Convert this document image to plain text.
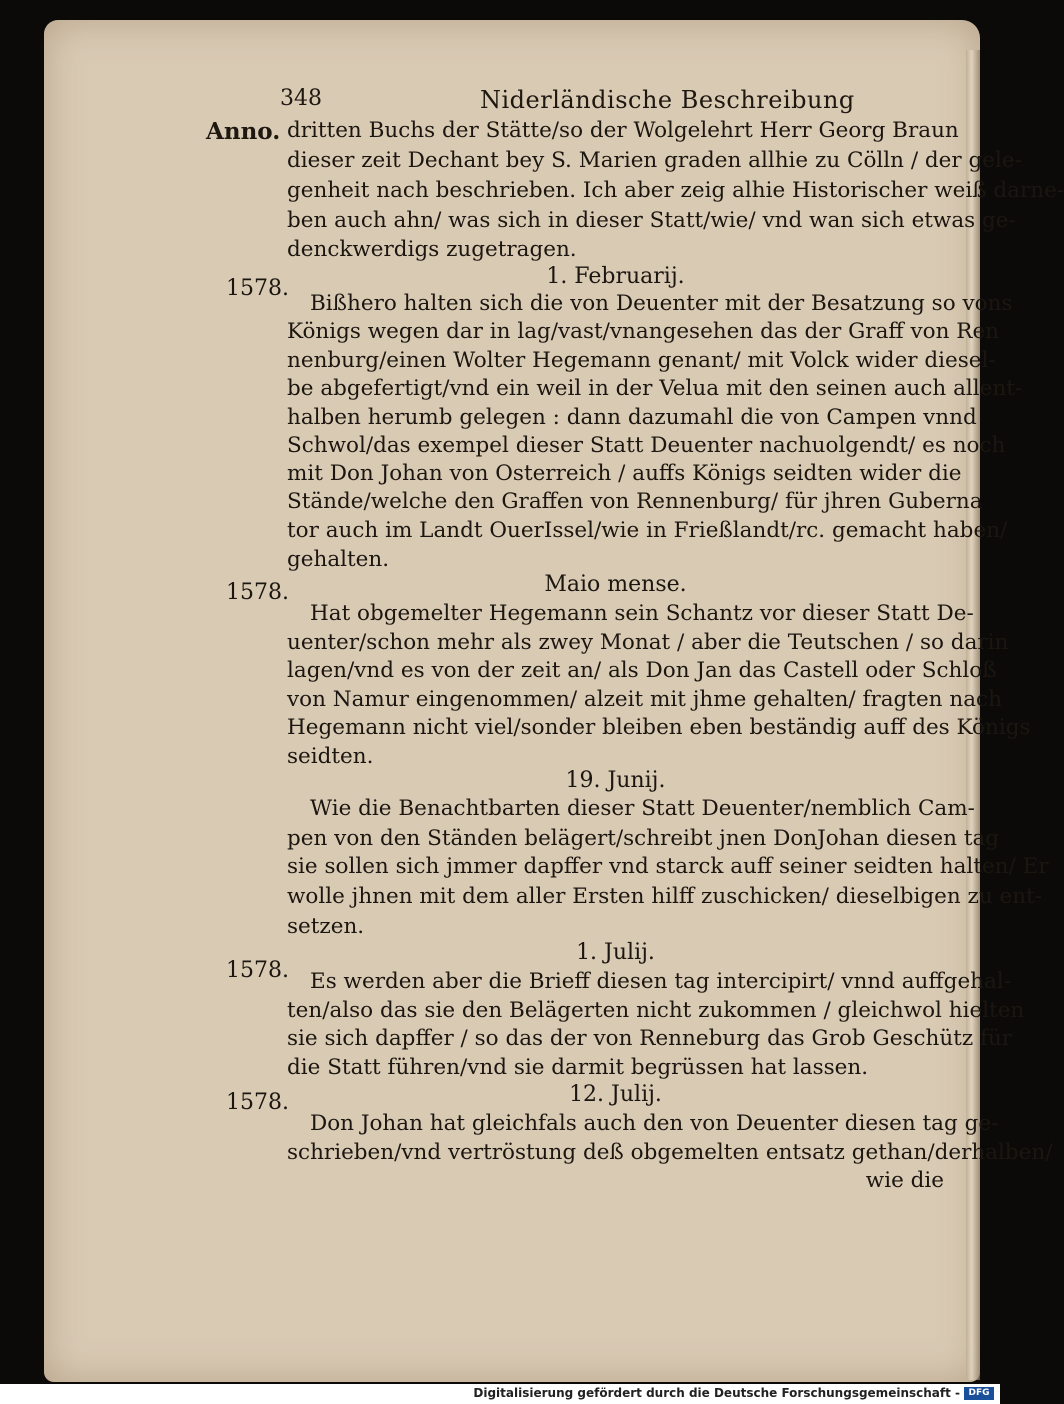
348	Niderländische Beschreibung
Anno. dritten Buchs der Stätte/so der Wolgelehrt Herr Georg Braun
dieser zeit Dechant bey S. Marien graden allhie zu Cölln / der gele-
genheit nach beschrieben. Ich aber zeig alhie Historischer weiß darne-
ben auch ahn/ was sich in dieser Statt/wie/ vnd wan sich etwas ge-
denckwerdigs zugetragen.
1578.	1. Februarij.
Bißhero halten sich die von Deuenter mit der Besatzung so vons
Königs wegen dar in lag/vast/vnangesehen das der Graff von Ren
nenburg/einen Wolter Hegemann genant/ mit Volck wider diesel-
be abgefertigt/vnd ein weil in der Velua mit den seinen auch allent-
halben herumb gelegen : dann dazumahl die von Campen vnnd
Schwol/das exempel dieser Statt Deuenter nachuolgendt/ es noch
mit Don Johan von Osterreich / auffs Königs seidten wider die
Stände/welche den Graffen von Rennenburg/ für jhren Guberna
tor auch im Landt OuerIssel/wie in Frießlandt/rc. gemacht haben/
gehalten.
1578.	Maio mense.
Hat obgemelter Hegemann sein Schantz vor dieser Statt De-
uenter/schon mehr als zwey Monat / aber die Teutschen / so darin
lagen/vnd es von der zeit an/ als Don Jan das Castell oder Schloß
von Namur eingenommen/ alzeit mit jhme gehalten/ fragten nach
Hegemann nicht viel/sonder bleiben eben beständig auff des Königs
seidten.
19. Junij.
Wie die Benachtbarten dieser Statt Deuenter/nemblich Cam-
pen von den Ständen belägert/schreibt jnen DonJohan diesen tag
sie sollen sich jmmer dapffer vnd starck auff seiner seidten halten/ Er
wolle jhnen mit dem aller Ersten hilff zuschicken/ dieselbigen zu ent-
setzen.
1578.
1. Julij.
Es werden aber die Brieff diesen tag intercipirt/ vnnd auffgehal-
ten/also das sie den Belägerten nicht zukommen / gleichwol hielten
sie sich dapffer / so das der von Renneburg das Grob Geschütz für
die Statt führen/vnd sie darmit begrüssen hat lassen.
1578.	12. Julij.
Don Johan hat gleichfals auch den von Deuenter diesen tag ge-
schrieben/vnd vertröstung deß obgemelten entsatz gethan/derhalben/
wie die
Digitalisierung gefördert durch die Deutsche Forschungsgemeinschaft - DFG
